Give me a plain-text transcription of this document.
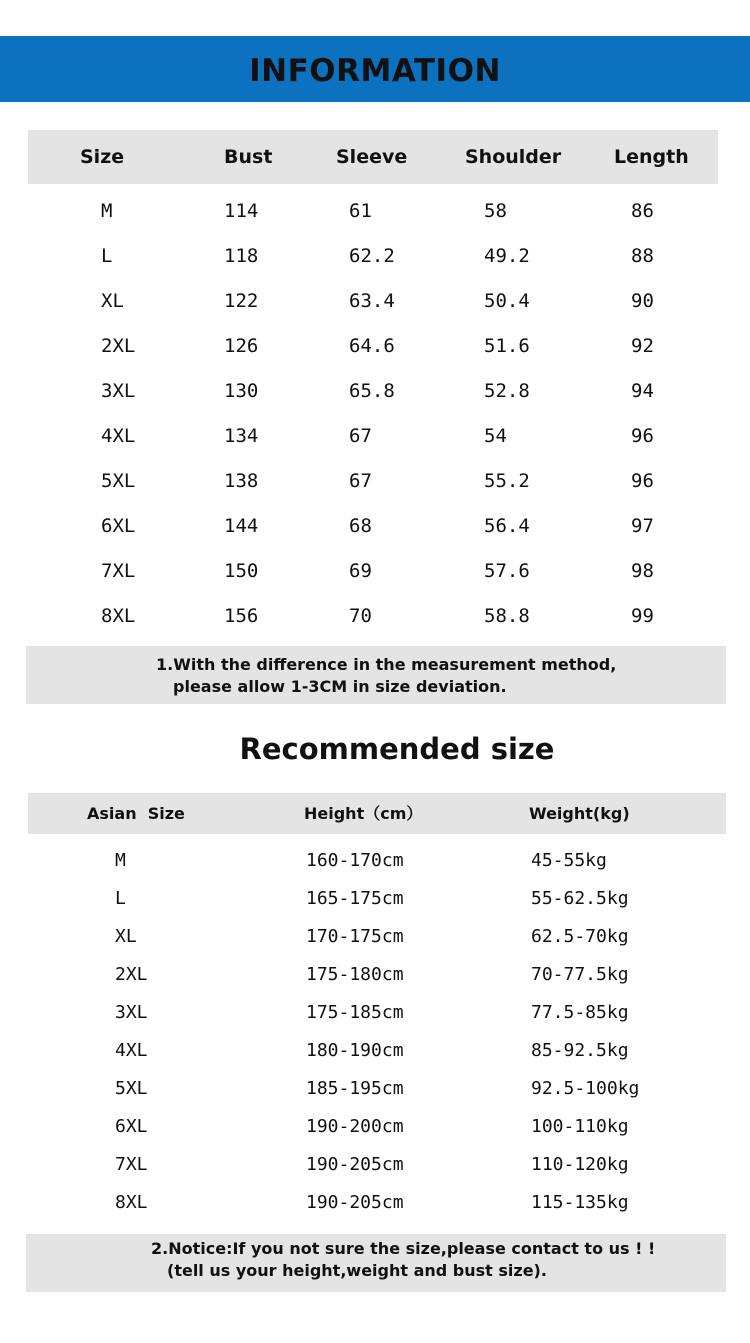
INFORMATION
Size	Bust	Sleeve	Shoulder	Length
M	114	61	58	86
L	118	62.2	49.2	88
XL	122	63.4	50.4	90
2XL	126	64.6	51.6	92
3XL	130	65.8	52.8	94
4XL	134	67	54	96
5XL	138	67	55.2	96
6XL	144	68	56.4	97
7XL	150	69	57.6	98
8XL	156	70	58.8	99
1.With the difference in the measurement method,
please allow 1-3CM in size deviation.
Recommended size
Asian  Size	Height（cm）	Weight(kg)
M	160-170cm	45-55kg
L	165-175cm	55-62.5kg
XL	170-175cm	62.5-70kg
2XL	175-180cm	70-77.5kg
3XL	175-185cm	77.5-85kg
4XL	180-190cm	85-92.5kg
5XL	185-195cm	92.5-100kg
6XL	190-200cm	100-110kg
7XL	190-205cm	110-120kg
8XL	190-205cm	115-135kg
2.Notice:If you not sure the size,please contact to us ! !
(tell us your height,weight and bust size).
